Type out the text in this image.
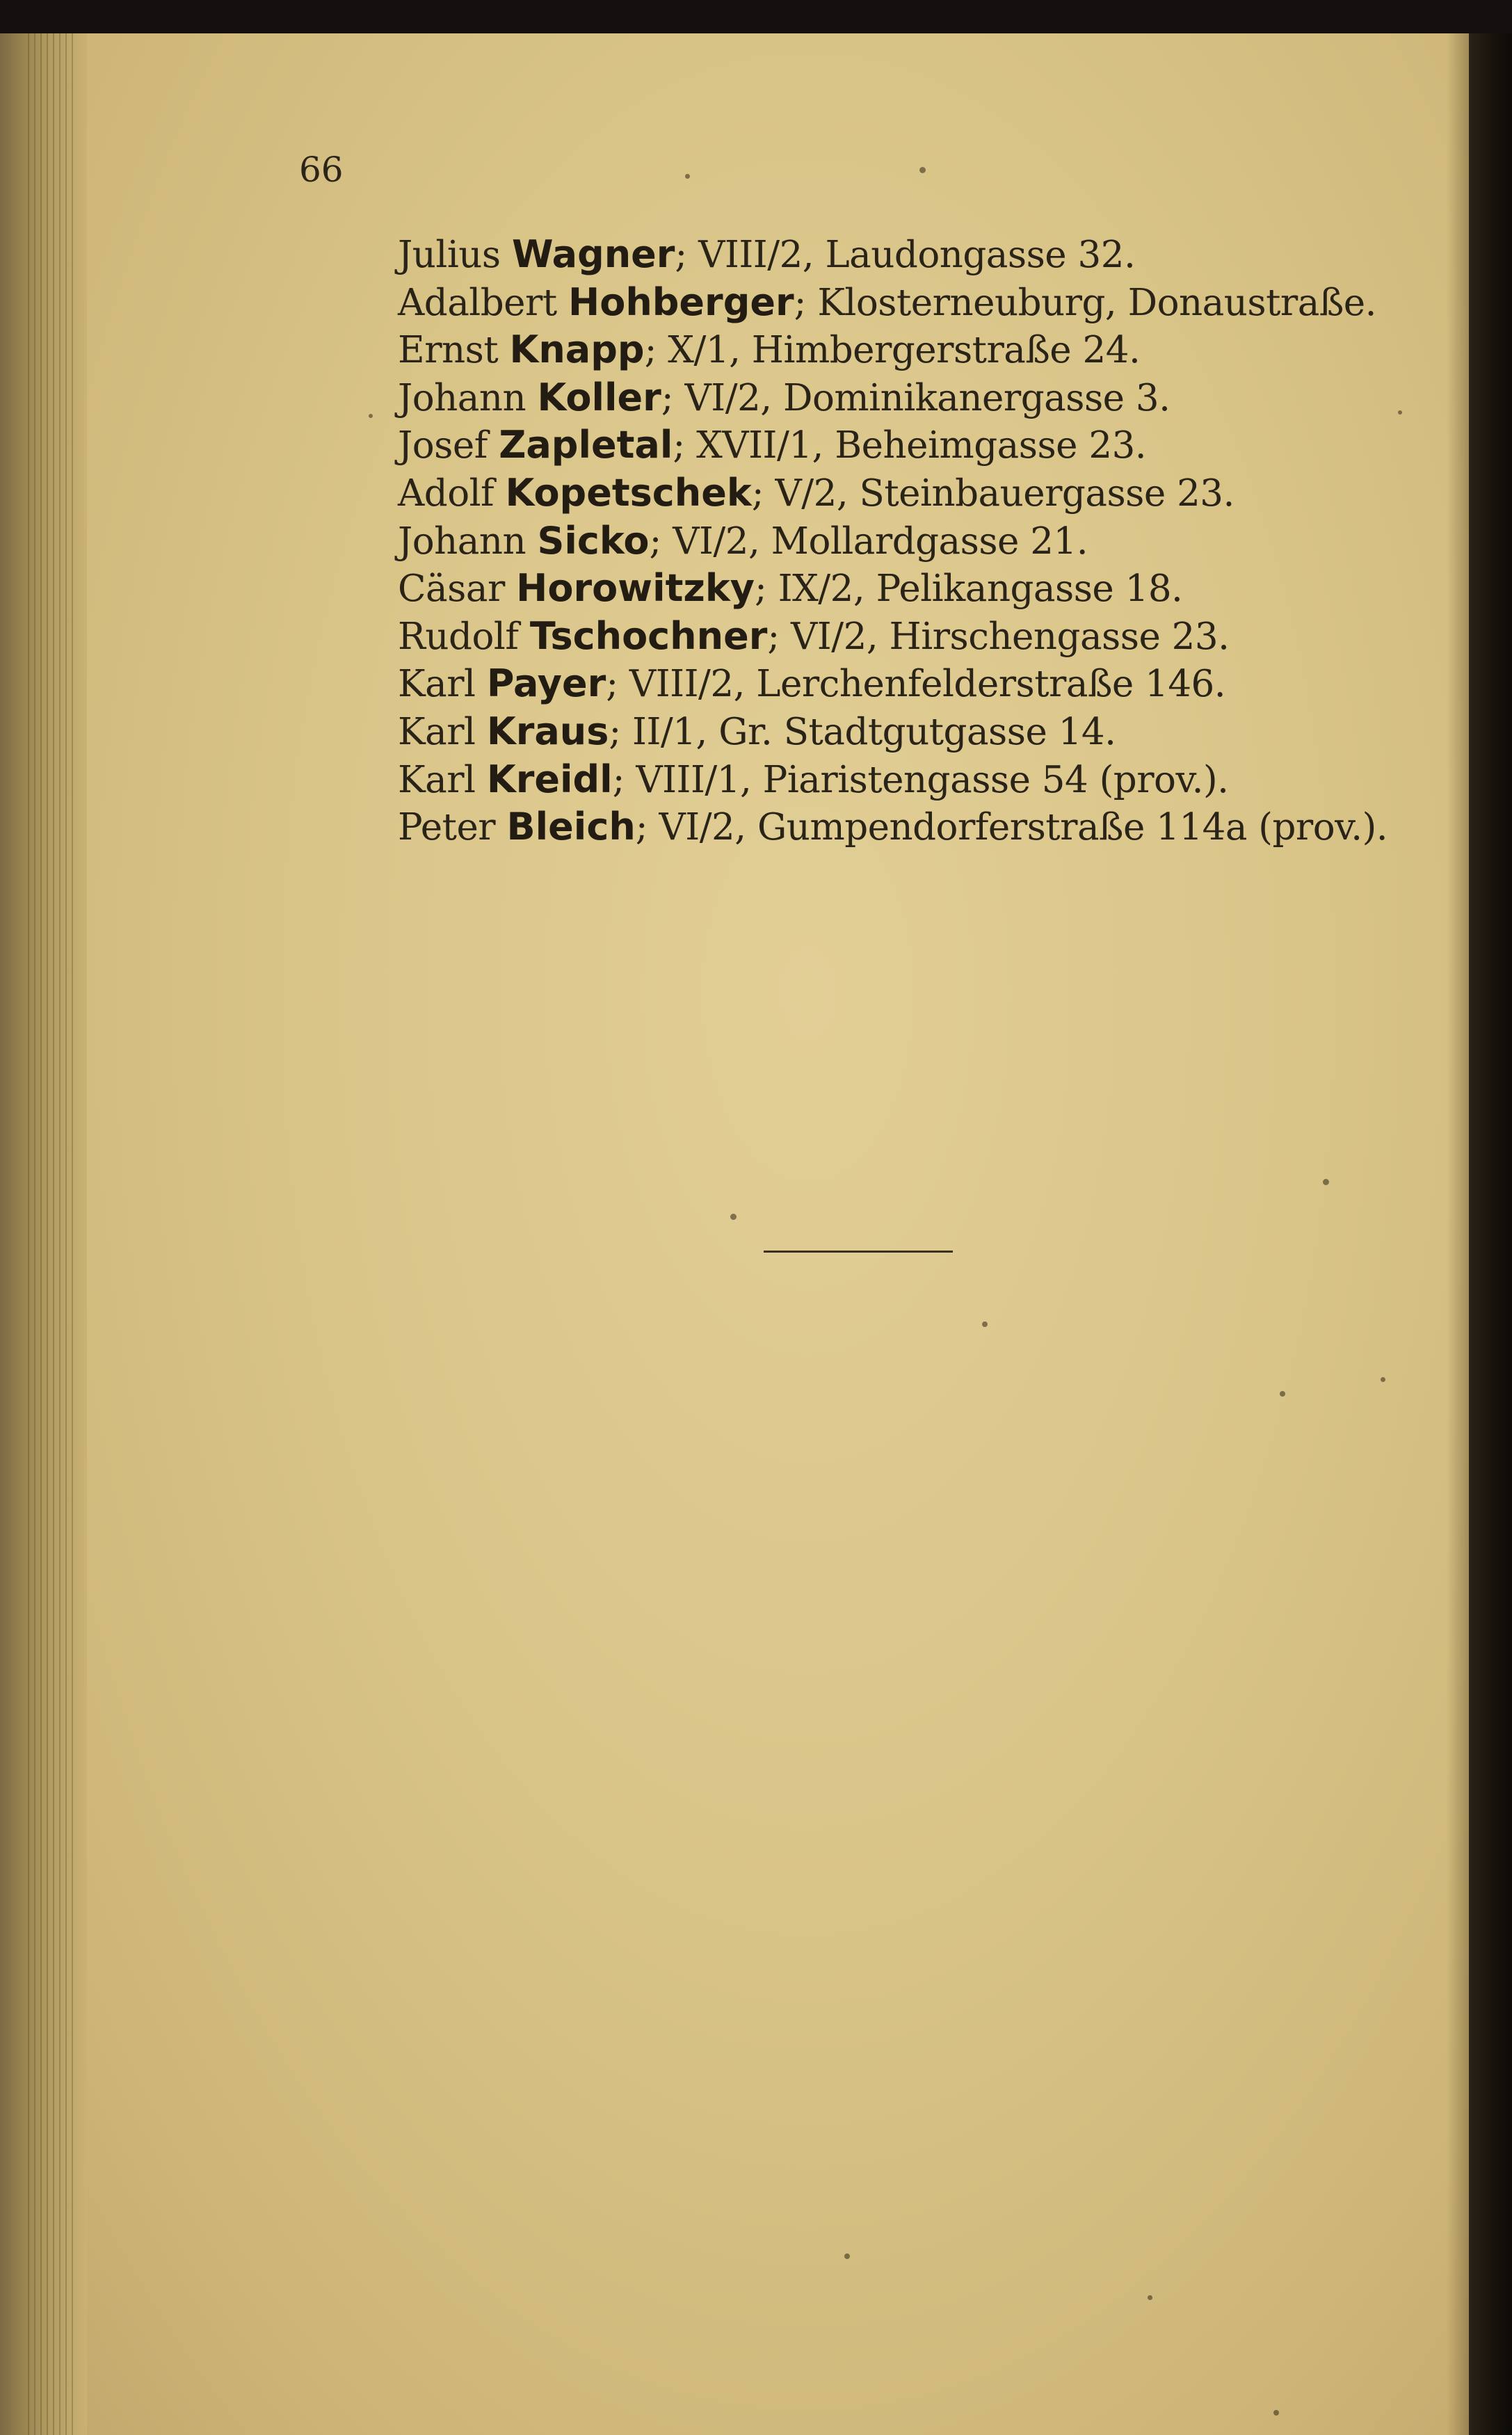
66
Julius Wagner; VIII/2, Laudongasse 32.
Adalbert Hohberger; Klosterneuburg, Donaustraße.
Ernst Knapp; X/1, Himbergerstraße 24.
Johann Koller; VI/2, Dominikanergasse 3.
Josef Zapletal; XVII/1, Beheimgasse 23.
Adolf Kopetschek; V/2, Steinbauergasse 23.
Johann Sicko; VI/2, Mollardgasse 21.
Cäsar Horowitzky; IX/2, Pelikangasse 18.
Rudolf Tschochner; VI/2, Hirschengasse 23.
Karl Payer; VIII/2, Lerchenfelderstraße 146.
Karl Kraus; II/1, Gr. Stadtgutgasse 14.
Karl Kreidl; VIII/1, Piaristengasse 54 (prov.).
Peter Bleich; VI/2, Gumpendorferstraße 114a (prov.).
